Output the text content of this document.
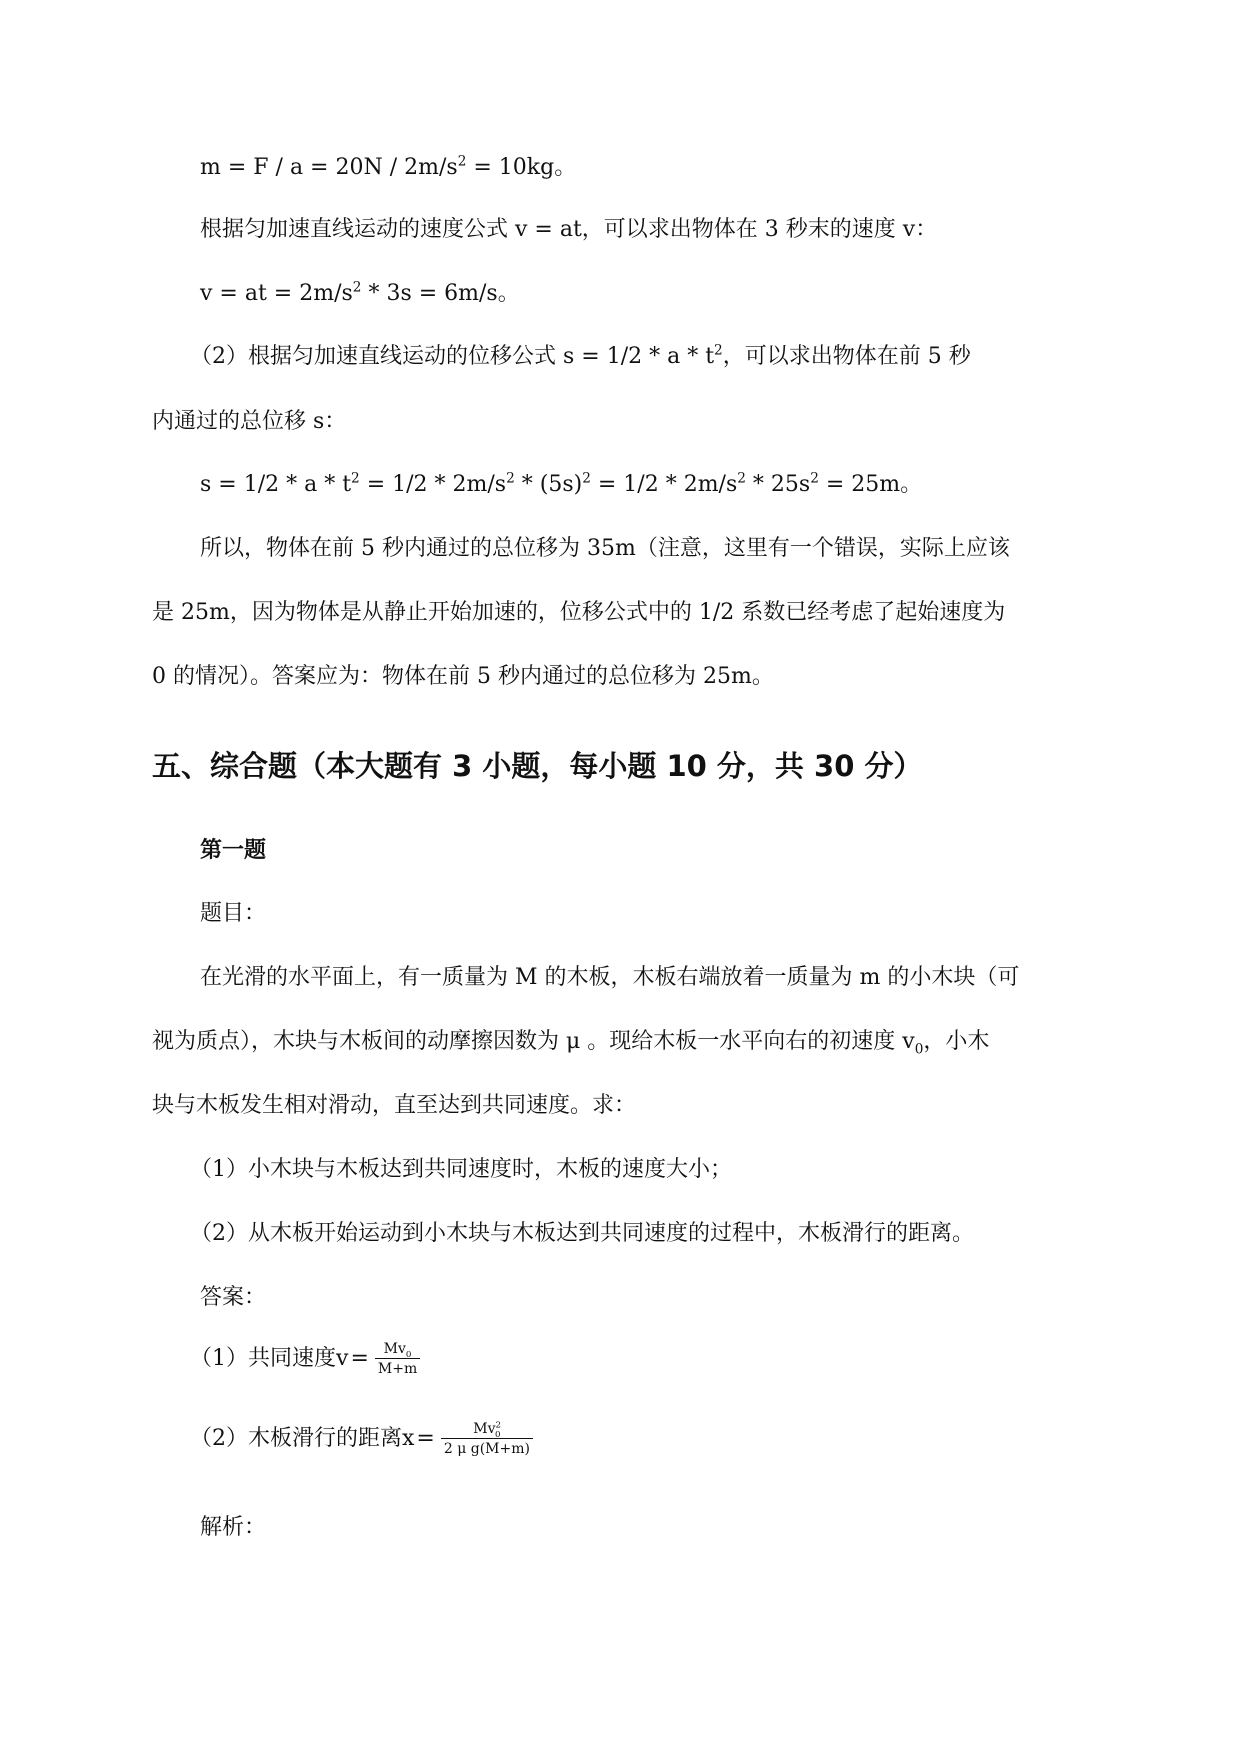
$m = F / a = 20N / 2m/s^2 = 10kg$。
根据匀加速直线运动的速度公式 v = at，可以求出物体在 3 秒末的速度 v：
v = at = $2m/s^2 * 3s = 6m/s$。
（2）根据匀加速直线运动的位移公式 $s = 1/2 * a * t^2$，可以求出物体在前 5 秒
内通过的总位移 s：
$s = 1/2 * a * t^2 = 1/2 * 2m/s^2 * (5s)^2 = 1/2 * 2m/s^2 * 25s^2 = 25m$。
所以，物体在前 5 秒内通过的总位移为 35m（注意，这里有一个错误，实际上应该
是 25m，因为物体是从静止开始加速的，位移公式中的 1/2 系数已经考虑了起始速度为
0 的情况）。答案应为：物体在前 5 秒内通过的总位移为 25m。
五、综合题（本大题有 3 小题，每小题 10 分，共 30 分）
第一题
题目：
在光滑的水平面上，有一质量为 M 的木板，木板右端放着一质量为 m 的小木块（可
视为质点），木块与木板间的动摩擦因数为 μ 。现给木板一水平向右的初速度 $v_0$，小木
块与木板发生相对滑动，直至达到共同速度。求：
（1）小木块与木板达到共同速度时，木板的速度大小；
（2）从木板开始运动到小木块与木板达到共同速度的过程中，木板滑行的距离。
答案：
（1）共同速度$v= \frac{Mv_0}{M+m}$
（2）木板滑行的距离$x= \frac{Mv^2_0}{\text{2 μ g(M+m)}}$
解析：
